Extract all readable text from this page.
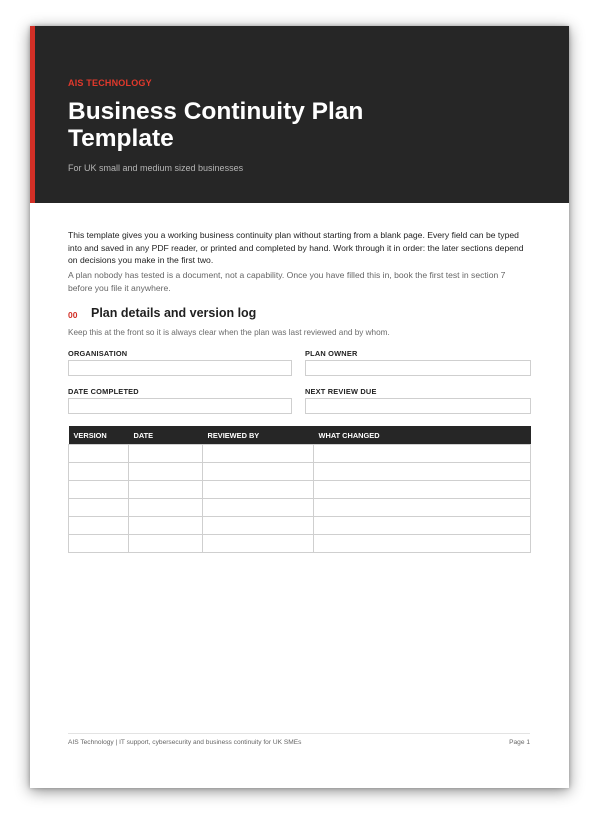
AIS TECHNOLOGY
Business Continuity Plan Template
For UK small and medium sized businesses
This template gives you a working business continuity plan without starting from a blank page. Every field can be typed into and saved in any PDF reader, or printed and completed by hand. Work through it in order: the later sections depend on decisions you make in the first two.
A plan nobody has tested is a document, not a capability. Once you have filled this in, book the first test in section 7 before you file it anywhere.
00 Plan details and version log
Keep this at the front so it is always clear when the plan was last reviewed and by whom.
ORGANISATION	PLAN OWNER
DATE COMPLETED	NEXT REVIEW DUE
VERSION	DATE	REVIEWED BY	WHAT CHANGED

AIS Technology | IT support, cybersecurity and business continuity for UK SMEs	Page 1
